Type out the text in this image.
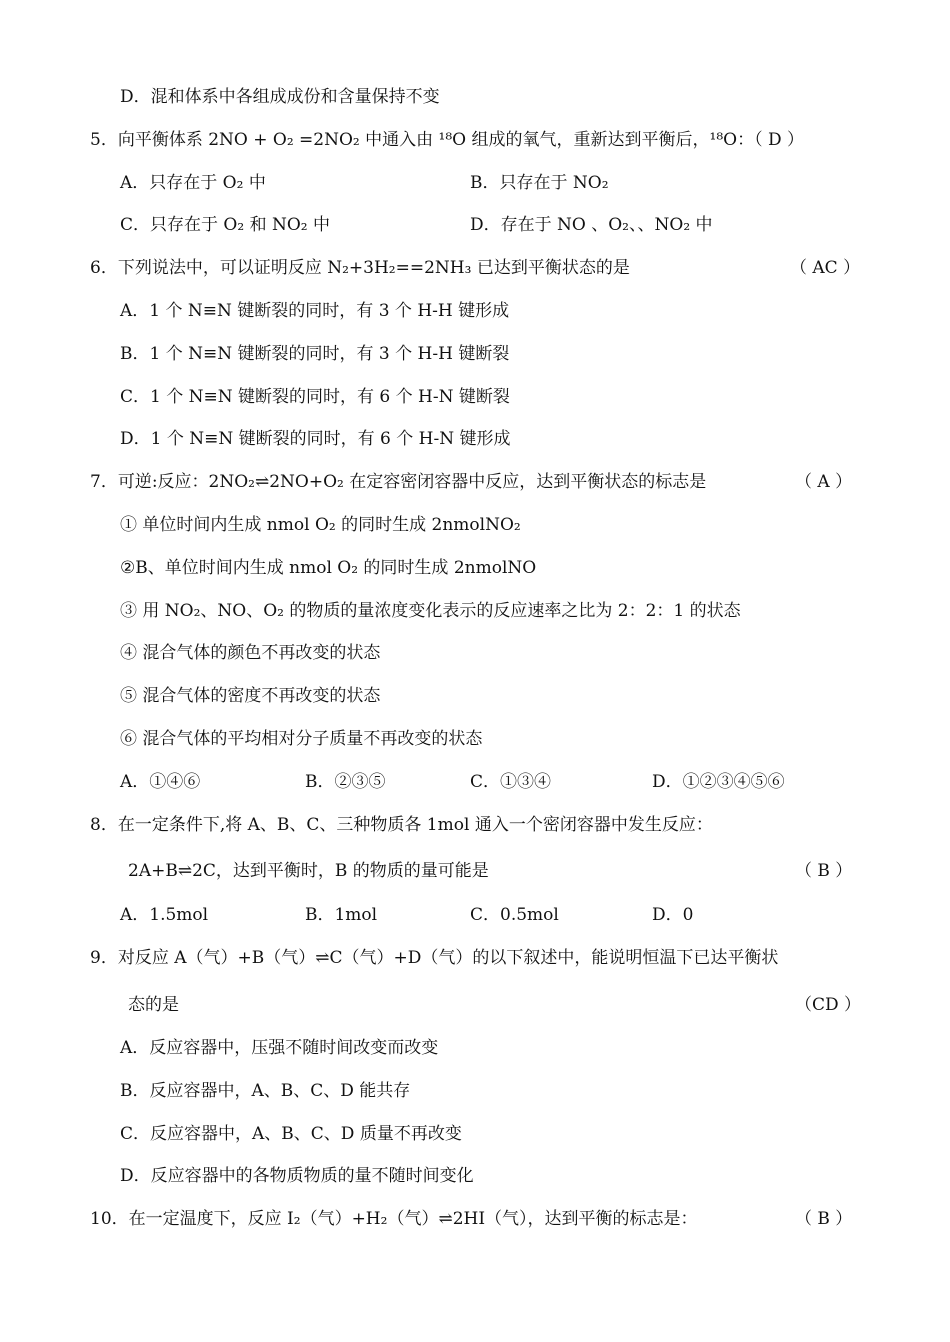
D．混和体系中各组成成份和含量保持不变
5．向平衡体系 2NO + O₂ =2NO₂ 中通入由 ¹⁸O 组成的氧气，重新达到平衡后，¹⁸O：（ D ）
A．只存在于 O₂ 中	B．只存在于 NO₂
C．只存在于 O₂ 和 NO₂ 中	D．存在于 NO 、O₂、、NO₂ 中
6．下列说法中，可以证明反应 N₂+3H₂==2NH₃ 已达到平衡状态的是	（ AC ）
A．1 个 N≡N 键断裂的同时，有 3 个 H-H 键形成
B．1 个 N≡N 键断裂的同时，有 3 个 H-H 键断裂
C．1 个 N≡N 键断裂的同时，有 6 个 H-N 键断裂
D．1 个 N≡N 键断裂的同时，有 6 个 H-N 键形成
7．可逆:反应：2NO₂⇌2NO+O₂ 在定容密闭容器中反应，达到平衡状态的标志是	（ A ）
① 单位时间内生成 nmol O₂ 的同时生成 2nmolNO₂
②B、单位时间内生成 nmol O₂ 的同时生成 2nmolNO
③ 用 NO₂、NO、O₂ 的物质的量浓度变化表示的反应速率之比为 2：2：1 的状态
④ 混合气体的颜色不再改变的状态
⑤ 混合气体的密度不再改变的状态
⑥ 混合气体的平均相对分子质量不再改变的状态
A．①④⑥	B．②③⑤	C．①③④	D．①②③④⑤⑥
8．在一定条件下,将 A、B、C、三种物质各 1mol 通入一个密闭容器中发生反应：
2A+B⇌2C，达到平衡时，B 的物质的量可能是	（ B ）
A．1.5mol	B．1mol	C．0.5mol	D．0
9．对反应 A（气）+B（气）⇌C（气）+D（气）的以下叙述中，能说明恒温下已达平衡状
态的是	（CD ）
A．反应容器中，压强不随时间改变而改变
B．反应容器中，A、B、C、D 能共存
C．反应容器中，A、B、C、D 质量不再改变
D．反应容器中的各物质物质的量不随时间变化
10．在一定温度下，反应 I₂（气）+H₂（气）⇌2HI（气），达到平衡的标志是：	（ B ）
